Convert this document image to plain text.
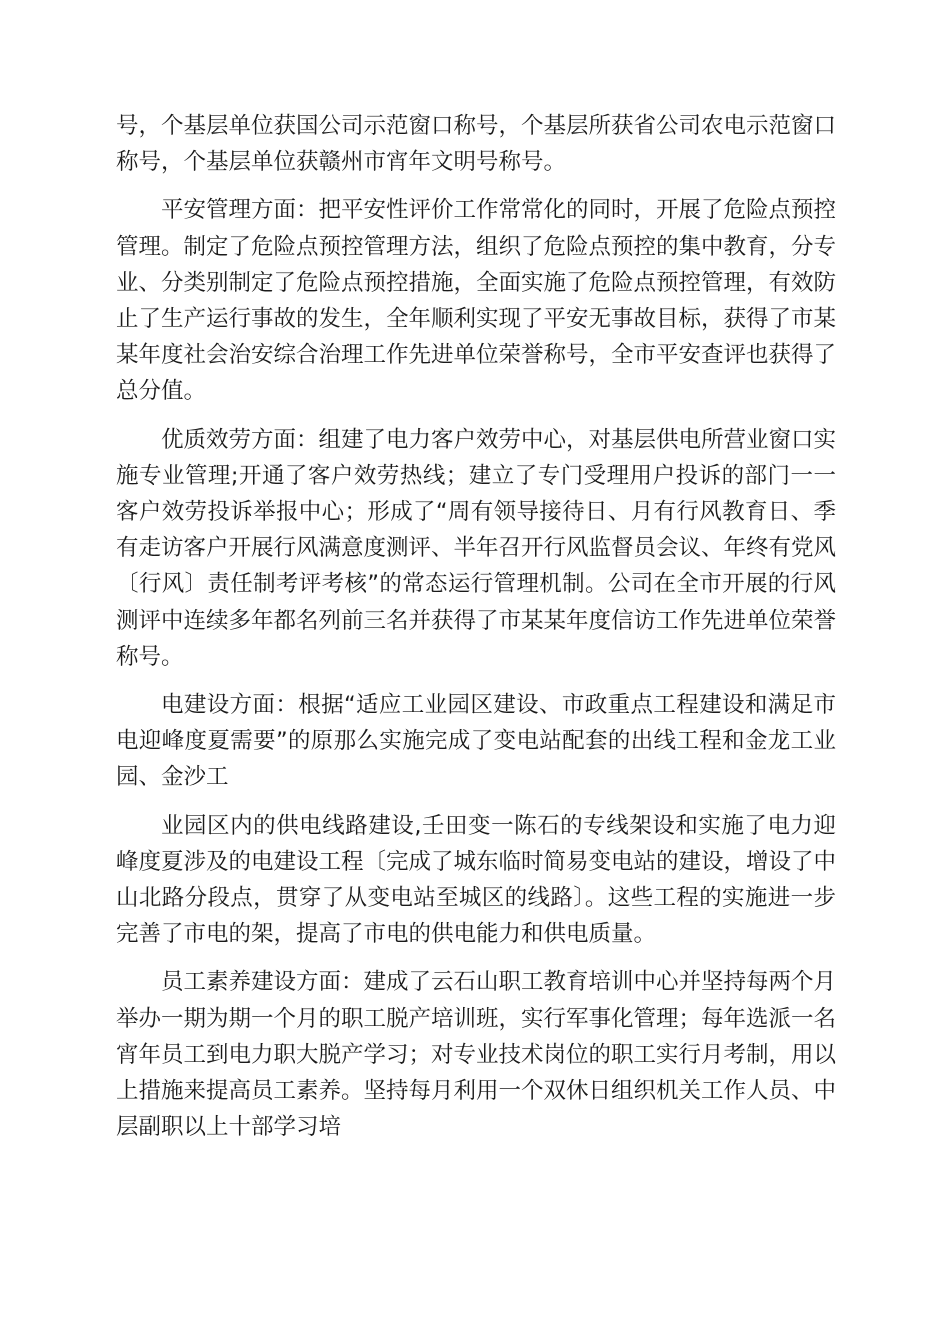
号，个基层单位获国公司示范窗口称号，个基层所获省公司农电示范窗口称号，个基层单位获赣州市宵年文明号称号。

平安管理方面：把平安性评价工作常常化的同时，开展了危险点预控管理。制定了危险点预控管理方法，组织了危险点预控的集中教育，分专业、分类别制定了危险点预控措施，全面实施了危险点预控管理，有效防止了生产运行事故的发生，全年顺利实现了平安无事故目标，获得了市某某年度社会治安综合治理工作先进单位荣誉称号，全市平安查评也获得了总分值。

优质效劳方面：组建了电力客户效劳中心，对基层供电所营业窗口实施专业管理;开通了客户效劳热线；建立了专门受理用户投诉的部门一一客户效劳投诉举报中心；形成了“周有领导接待日、月有行风教育日、季有走访客户开展行风满意度测评、半年召开行风监督员会议、年终有党风〔行风〕责任制考评考核”的常态运行管理机制。公司在全市开展的行风测评中连续多年都名列前三名并获得了市某某年度信访工作先进单位荣誉称号。

电建设方面：根据“适应工业园区建设、市政重点工程建设和满足市电迎峰度夏需要”的原那么实施完成了变电站配套的出线工程和金龙工业园、金沙工

业园区内的供电线路建设,壬田变一陈石的专线架设和实施了电力迎峰度夏涉及的电建设工程〔完成了城东临时简易变电站的建设，增设了中山北路分段点，贯穿了从变电站至城区的线路〕。这些工程的实施进一步完善了市电的架，提高了市电的供电能力和供电质量。

员工素养建设方面：建成了云石山职工教育培训中心并坚持每两个月举办一期为期一个月的职工脱产培训班，实行军事化管理；每年选派一名宵年员工到电力职大脱产学习；对专业技术岗位的职工实行月考制，用以上措施来提高员工素养。坚持每月利用一个双休日组织机关工作人员、中层副职以上十部学习培
